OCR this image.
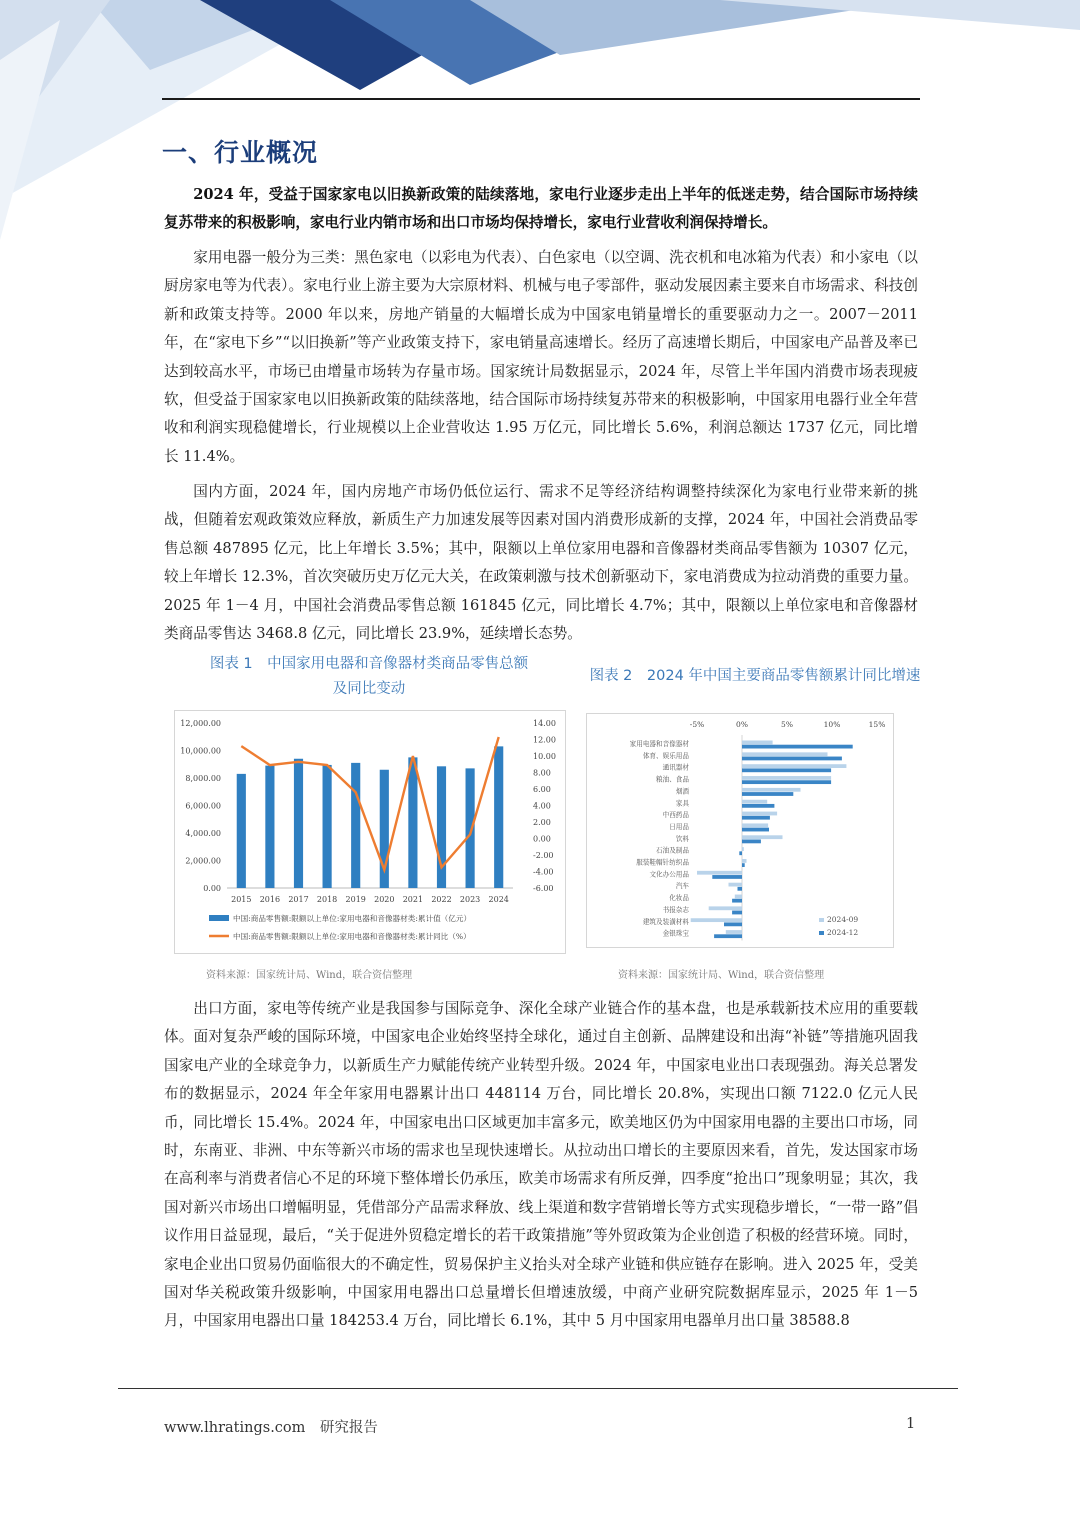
一、行业概况

2024 年，受益于国家家电以旧换新政策的陆续落地，家电行业逐步走出上半年的低迷走势，结合国际市场持续复苏带来的积极影响，家电行业内销市场和出口市场均保持增长，家电行业营收利润保持增长。

家用电器一般分为三类：黑色家电（以彩电为代表）、白色家电（以空调、洗衣机和电冰箱为代表）和小家电（以厨房家电等为代表）。家电行业上游主要为大宗原材料、机械与电子零部件，驱动发展因素主要来自市场需求、科技创新和政策支持等。2000 年以来，房地产销量的大幅增长成为中国家电销量增长的重要驱动力之一。2007－2011 年，在“家电下乡”“以旧换新”等产业政策支持下，家电销量高速增长。经历了高速增长期后，中国家电产品普及率已达到较高水平，市场已由增量市场转为存量市场。国家统计局数据显示，2024 年，尽管上半年国内消费市场表现疲软，但受益于国家家电以旧换新政策的陆续落地，结合国际市场持续复苏带来的积极影响，中国家用电器行业全年营收和利润实现稳健增长，行业规模以上企业营收达 1.95 万亿元，同比增长 5.6%，利润总额达 1737 亿元，同比增长 11.4%。

国内方面，2024 年，国内房地产市场仍低位运行、需求不足等经济结构调整持续深化为家电行业带来新的挑战，但随着宏观政策效应释放，新质生产力加速发展等因素对国内消费形成新的支撑，2024 年，中国社会消费品零售总额 487895 亿元，比上年增长 3.5%；其中，限额以上单位家用电器和音像器材类商品零售额为 10307 亿元，较上年增长 12.3%，首次突破历史万亿元大关，在政策刺激与技术创新驱动下，家电消费成为拉动消费的重要力量。2025 年 1－4 月，中国社会消费品零售总额 161845 亿元，同比增长 4.7%；其中，限额以上单位家电和音像器材类商品零售达 3468.8 亿元，同比增长 23.9%，延续增长态势。

图表 1　中国家用电器和音像器材类商品零售总额
及同比变动

0.00
2,000.00
4,000.00
6,000.00
8,000.00
10,000.00
12,000.00
-6.00
-4.00
-2.00
0.00
2.00
4.00
6.00
8.00
10.00
12.00
14.00
2015 2016 2017 2018 2019 2020 2021 2022 2023 2024
中国:商品零售额:限额以上单位:家用电器和音像器材类:累计值（亿元）
中国:商品零售额:限额以上单位:家用电器和音像器材类:累计同比（%）

资料来源：国家统计局、Wind，联合资信整理

图表 2　2024 年中国主要商品零售额累计同比增速

-5%	0%	5%	10%	15%
家用电器和音像器材
体育、娱乐用品
通讯器材
粮油、食品
烟酒
家具
中西药品
日用品
饮料
石油及制品
服装鞋帽针纺织品
文化办公用品
汽车
化妆品
书报杂志
建筑及装潢材料
金银珠宝
2024-09
2024-12

资料来源：国家统计局、Wind，联合资信整理

出口方面，家电等传统产业是我国参与国际竞争、深化全球产业链合作的基本盘，也是承载新技术应用的重要载体。面对复杂严峻的国际环境，中国家电企业始终坚持全球化，通过自主创新、品牌建设和出海“补链”等措施巩固我国家电产业的全球竞争力，以新质生产力赋能传统产业转型升级。2024 年，中国家电业出口表现强劲。海关总署发布的数据显示，2024 年全年家用电器累计出口 448114 万台，同比增长 20.8%，实现出口额 7122.0 亿元人民币，同比增长 15.4%。2024 年，中国家电出口区域更加丰富多元，欧美地区仍为中国家用电器的主要出口市场，同时，东南亚、非洲、中东等新兴市场的需求也呈现快速增长。从拉动出口增长的主要原因来看，首先，发达国家市场在高利率与消费者信心不足的环境下整体增长仍承压，欧美市场需求有所反弹，四季度“抢出口”现象明显；其次，我国对新兴市场出口增幅明显，凭借部分产品需求释放、线上渠道和数字营销增长等方式实现稳步增长，“一带一路”倡议作用日益显现，最后，“关于促进外贸稳定增长的若干政策措施”等外贸政策为企业创造了积极的经营环境。同时，家电企业出口贸易仍面临很大的不确定性，贸易保护主义抬头对全球产业链和供应链存在影响。进入 2025 年，受美国对华关税政策升级影响，中国家用电器出口总量增长但增速放缓，中商产业研究院数据库显示，2025 年 1－5 月，中国家用电器出口量 184253.4 万台，同比增长 6.1%，其中 5 月中国家用电器单月出口量 38588.8

www.lhratings.com　研究报告	1
